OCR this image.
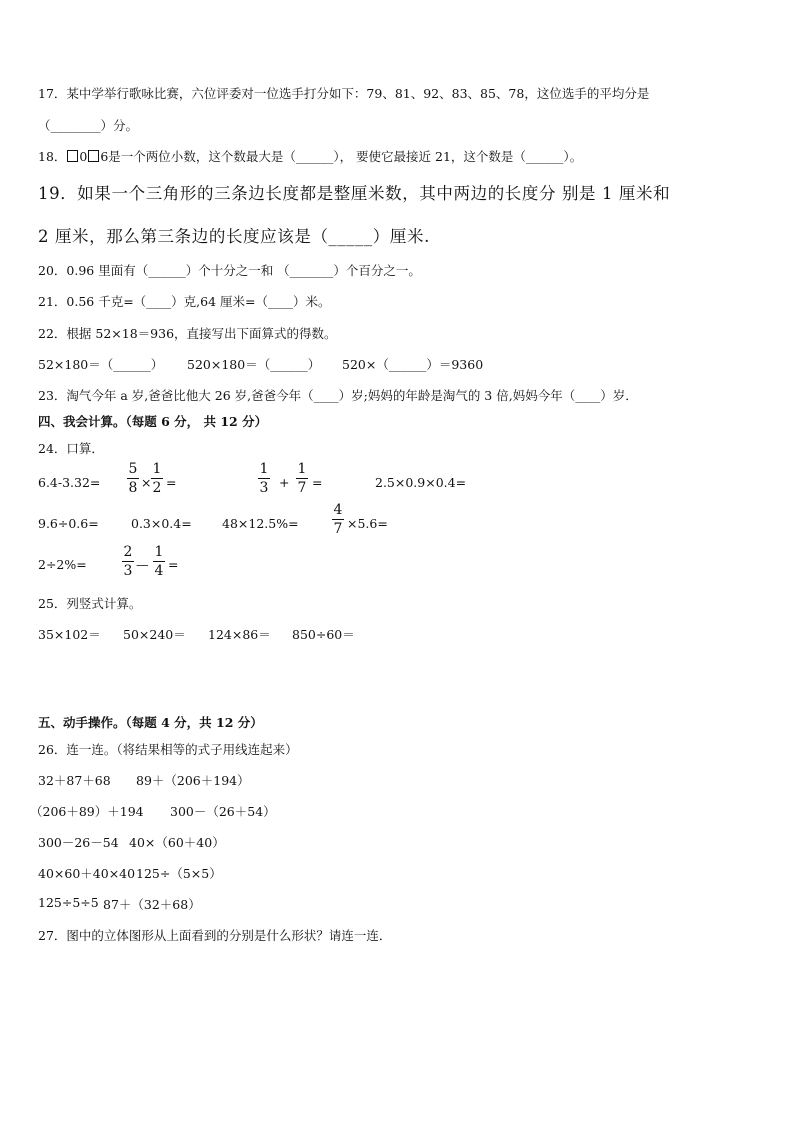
17．某中学举行歌咏比赛，六位评委对一位选手打分如下：79、81、92、83、85、78，这位选手的平均分是
（________）分。
18． 0 6是一个两位小数，这个数最大是（______）， 要使它最接近 21，这个数是（______）。
19．如果一个三角形的三条边长度都是整厘米数，其中两边的长度分 别是 1 厘米和
2 厘米，那么第三条边的长度应该是（_____）厘米.
20．0.96 里面有（______）个十分之一和 （_______）个百分之一。
21．0.56 千克=（____）克,64 厘米=（____）米。
22．根据 52×18＝936，直接写出下面算式的得数。
52×180＝（______） 520×180＝（______） 520×（______）＝9360
23．淘气今年 a 岁,爸爸比他大 26 岁,爸爸今年（____）岁;妈妈的年龄是淘气的 3 倍,妈妈今年（____）岁．
四、我会计算。（每题 6 分， 共 12 分）
24．口算．
6.4-3.32=
5
8 ×
1
2 =
1
3 +
1
7 =	2.5×0.9×0.4=
9.6÷0.6=	0.3×0.4= 48×12.5%=
4
7 ×5.6=
2÷2%=
2
3 —
1
4 =
25．列竖式计算。
35×102＝ 50×240＝ 124×86＝ 850÷60＝
五、动手操作。（每题 4 分，共 12 分）
26．连一连。（将结果相等的式子用线连起来）
32＋87＋68 89＋（206＋194）
（206＋89）＋194 300－（26＋54）
300－26－54 40×（60＋40）
40×60＋40×40 125÷（5×5）
125÷5÷5 87＋（32＋68）
27．图中的立体图形从上面看到的分别是什么形状？请连一连．
